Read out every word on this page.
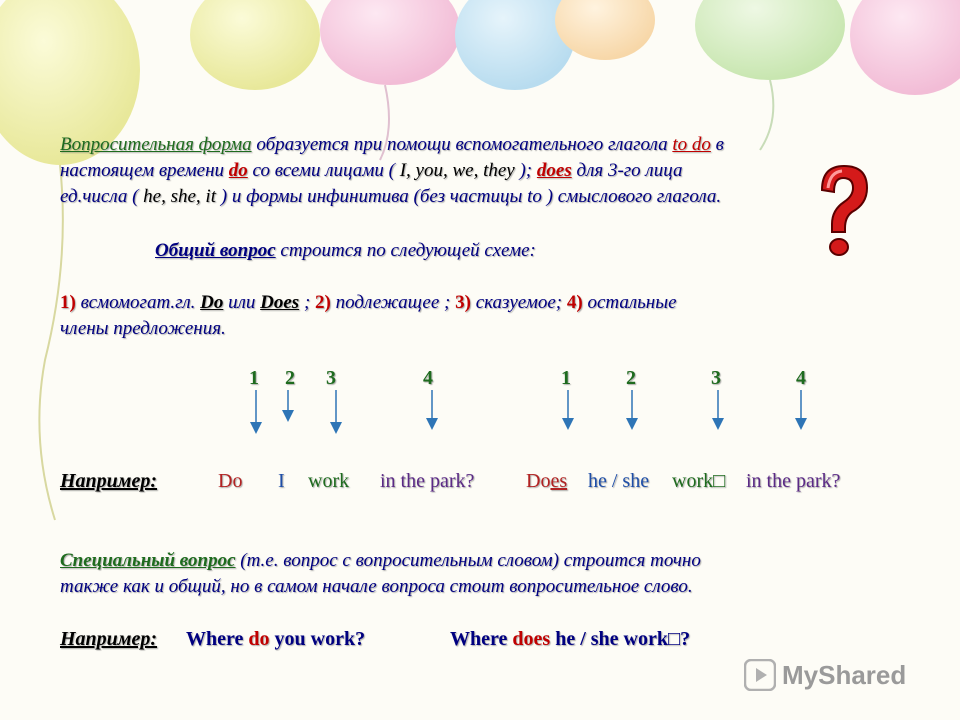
Вопросительная форма образуется при помощи вспомогательного глагола to do в
настоящем времени do со всеми лицами ( I, you, we, they ); does для 3-го лица
ед.числа ( he, she, it ) и формы инфинитива (без частицы to ) смыслового глагола.
Общий вопрос строится по следующей схеме:
1) всмомогат.гл. Do или Does ; 2) подлежащее ; 3) сказуемое; 4) остальные
члены предложения.
1 2 3	4	1	2	3	4
Например:	Do I work in the park?	Does he / she work□ in the park?
Специальный вопрос (т.е. вопрос с вопросительным словом) строится точно
также как и общий, но в самом начале вопроса стоит вопросительное слово.
Например: Where do you work?	Where does he / she work□?
MyShared
